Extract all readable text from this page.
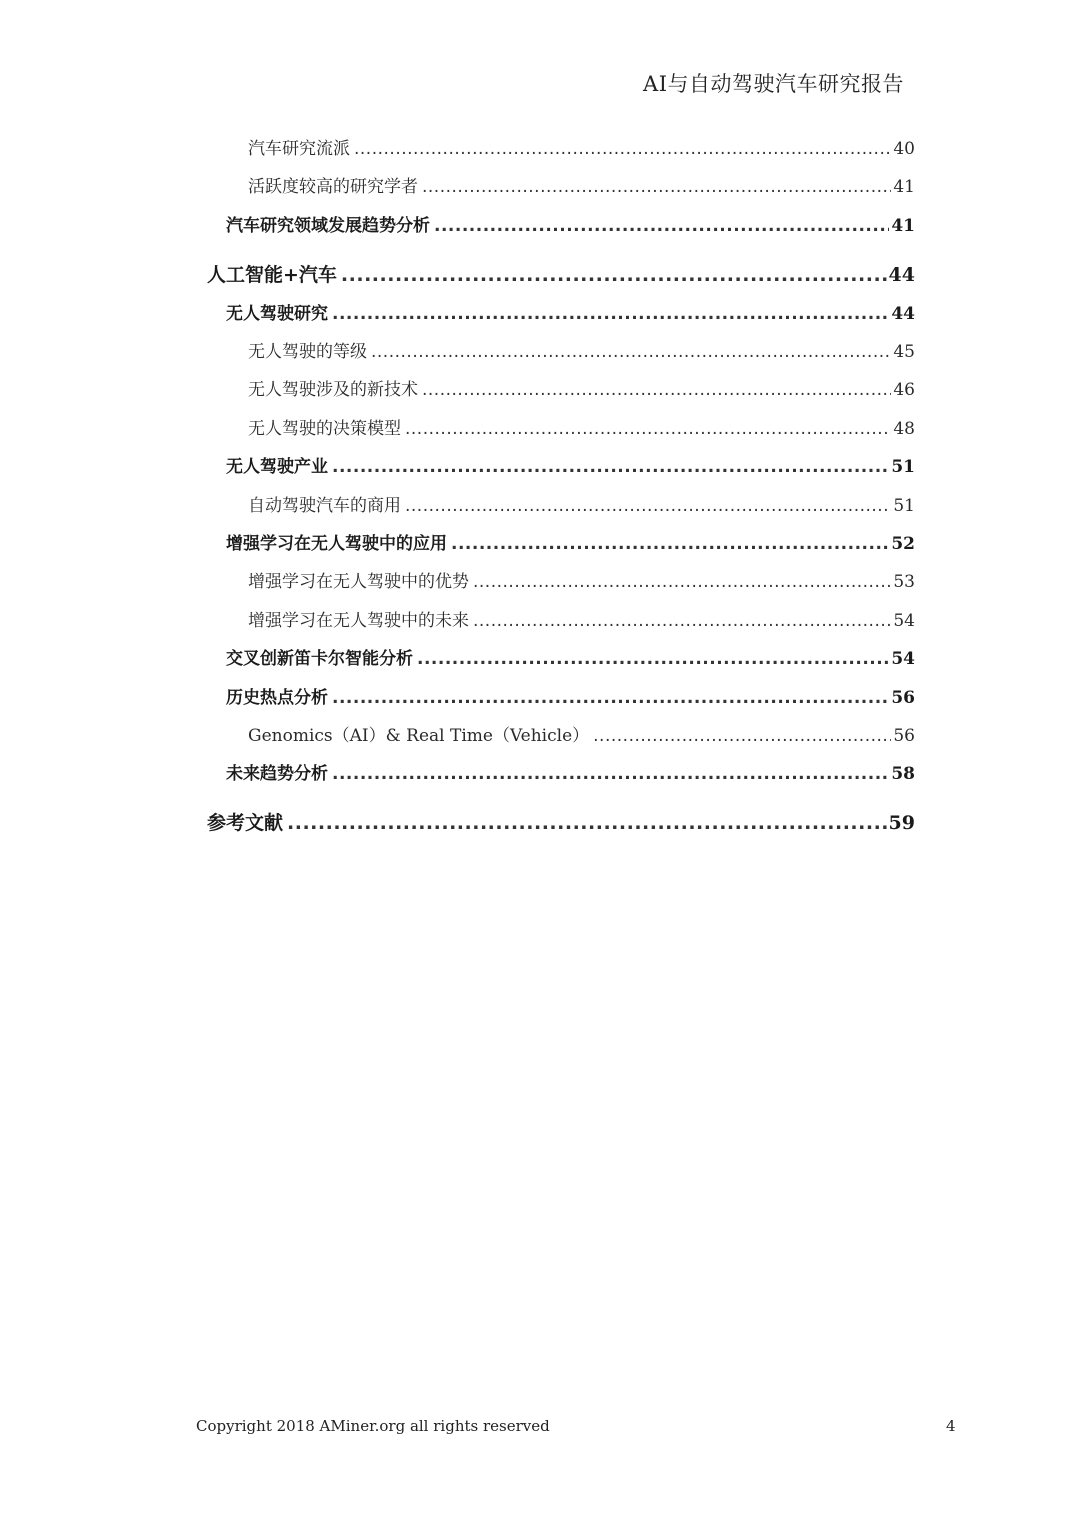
AI与自动驾驶汽车研究报告
汽车研究流派 .....	40
活跃度较高的研究学者 .....	41
汽车研究领域发展趋势分析 .....	41
人工智能+汽车 .....	44
无人驾驶研究 .....	44
无人驾驶的等级 .....	45
无人驾驶涉及的新技术 .....	46
无人驾驶的决策模型 .....	48
无人驾驶产业 .....	51
自动驾驶汽车的商用 .....	51
增强学习在无人驾驶中的应用 .....	52
增强学习在无人驾驶中的优势 .....	53
增强学习在无人驾驶中的未来 .....	54
交叉创新笛卡尔智能分析 .....	54
历史热点分析 .....	56
Genomics（AI）& Real Time（Vehicle） .....	56
未来趋势分析 .....	58
参考文献 .....	59
Copyright 2018 AMiner.org all rights reserved	4
